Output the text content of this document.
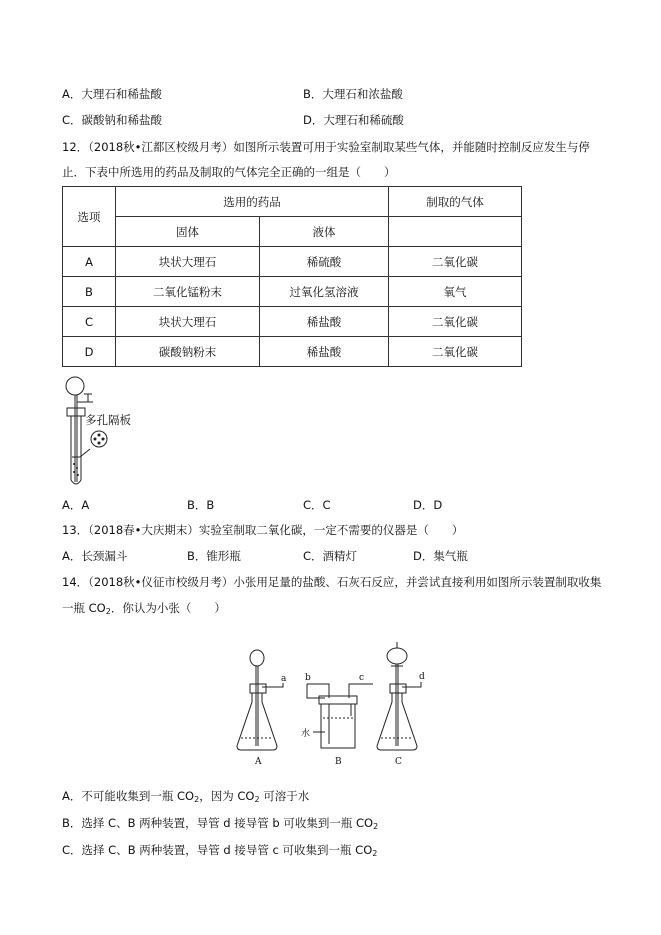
A．大理石和稀盐酸	B．大理石和浓盐酸
C．碳酸钠和稀盐酸	D．大理石和稀硫酸
12．（2018秋•江都区校级月考）如图所示装置可用于实验室制取某些气体，并能随时控制反应发生与停
止．下表中所选用的药品及制取的气体完全正确的一组是（　　）
选项	选用的药品		制取的气体
	固体	液体	
A	块状大理石	稀硫酸	二氧化碳
B	二氧化锰粉末	过氧化氢溶液	氧气
C	块状大理石	稀盐酸	二氧化碳
D	碳酸钠粉末	稀盐酸	二氧化碳
多孔隔板
A．A	B．B	C．C	D．D
13．（2018春•大庆期末）实验室制取二氧化碳，一定不需要的仪器是（　　）
A．长颈漏斗	B．锥形瓶	C．酒精灯	D．集气瓶
14．（2018秋•仪征市校级月考）小张用足量的盐酸、石灰石反应，并尝试直接利用如图所示装置制取收集
一瓶 $CO_2$．你认为小张（　　）
A	B	C
a b	c	d
水
A．不可能收集到一瓶 $CO_2$，因为 $CO_2$ 可溶于水
B．选择 C、B 两种装置，导管 d 接导管 b 可收集到一瓶 $CO_2$
C．选择 C、B 两种装置，导管 d 接导管 c 可收集到一瓶 $CO_2$
